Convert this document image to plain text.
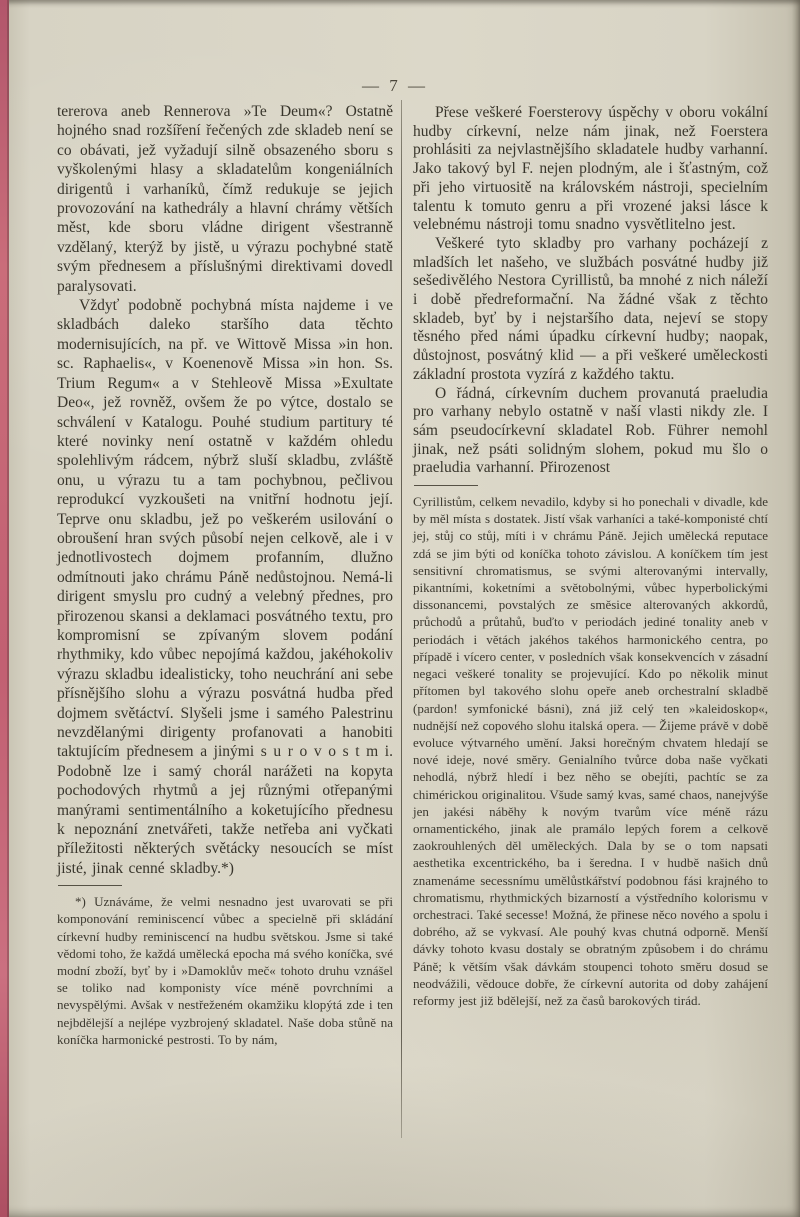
— 7 —

tererova aneb Rennerova »Te Deum«? Ostatně hojného snad rozšíření řečených zde skladeb není se co obávati, jež vyžadují silně obsazeného sboru s vyškolenými hlasy a skladatelům kongeniálních dirigentů i varhaníků, čímž redukuje se jejich provozování na kathedrály a hlavní chrámy větších měst, kde sboru vládne dirigent všestranně vzdělaný, kterýž by jistě, u výrazu pochybné statě svým přednesem a příslušnými direktivami dovedl paralysovati.

Vždyť podobně pochybná místa najdeme i ve skladbách daleko staršího data těchto modernisujících, na př. ve Wittově Missa »in hon. sc. Raphaelis«, v Koenenově Missa »in hon. Ss. Trium Regum« a v Stehleově Missa »Exultate Deo«, jež rovněž, ovšem že po výtce, dostalo se schválení v Katalogu. Pouhé studium partitury té které novinky není ostatně v každém ohledu spolehlivým rádcem, nýbrž sluší skladbu, zvláště onu, u výrazu tu a tam pochybnou, pečlivou reprodukcí vyzkoušeti na vnitřní hodnotu její. Teprve onu skladbu, jež po veškerém usilování o obroušení hran svých působí nejen celkově, ale i v jednotlivostech dojmem profanním, dlužno odmítnouti jako chrámu Páně nedůstojnou. Nemá-li dirigent smyslu pro cudný a velebný přednes, pro přirozenou skansi a deklamaci posvátného textu, pro kompromisní se zpívaným slovem podání rhythmiky, kdo vůbec nepojímá každou, jakéhokoliv výrazu skladbu idealisticky, toho neuchrání ani sebe přísnějšího slohu a výrazu posvátná hudba před dojmem světáctví. Slyšeli jsme i samého Palestrinu nevzdělanými dirigenty profanovati a hanobiti taktujícím přednesem a jinými s u r o v o s t m i. Podobně lze i samý chorál narážeti na kopyta pochodových rhytmů a jej různými otřepanými manýrami sentimentálního a koketujícího přednesu k nepoznání znetvářeti, takže netřeba ani vyčkati příležitosti některých světácky nesoucích se míst jisté, jinak cenné skladby.*)

*) Uznáváme, že velmi nesnadno jest uvarovati se při komponování reminiscencí vůbec a specielně při skládání církevní hudby reminiscencí na hudbu světskou. Jsme si také vědomi toho, že každá umělecká epocha má svého koníčka, své modní zboží, byť by i »Damoklův meč« tohoto druhu vznášel se toliko nad komponisty více méně povrchními a nevyspělými. Avšak v nestřeženém okamžiku klopýtá zde i ten nejbdělejší a nejlépe vyzbrojený skladatel. Naše doba stůně na koníčka harmonické pestrosti. To by nám,

Přese veškeré Foersterovy úspěchy v oboru vokální hudby církevní, nelze nám jinak, než Foerstera prohlásiti za nejvlastnějšího skladatele hudby varhanní. Jako takový byl F. nejen plodným, ale i šťastným, což při jeho virtuositě na královském nástroji, specielním talentu k tomuto genru a při vrozené jaksi lásce k velebnému nástroji tomu snadno vysvětlitelno jest.

Veškeré tyto skladby pro varhany pocházejí z mladších let našeho, ve službách posvátné hudby již sešedivělého Nestora Cyrillistů, ba mnohé z nich náleží i době předreformační. Na žádné však z těchto skladeb, byť by i nejstaršího data, nejeví se stopy těsného před námi úpadku církevní hudby; naopak, důstojnost, posvátný klid — a při veškeré uměleckosti základní prostota vyzírá z každého taktu.

O řádná, církevním duchem provanutá praeludia pro varhany nebylo ostatně v naší vlasti nikdy zle. I sám pseudocírkevní skladatel Rob. Führer nemohl jinak, než psáti solidným slohem, pokud mu šlo o praeludia varhanní. Přirozenost

Cyrillistům, celkem nevadilo, kdyby si ho ponechali v divadle, kde by měl místa s dostatek. Jistí však varhaníci a také-komponisté chtí jej, stůj co stůj, míti i v chrámu Páně. Jejich umělecká reputace zdá se jim býti od koníčka tohoto závislou. A koníčkem tím jest sensitivní chromatismus, se svými alterovanými intervally, pikantními, koketními a světobolnými, vůbec hyperbolickými dissonancemi, povstalých ze směsice alterovaných akkordů, průchodů a průtahů, buďto v periodách jediné tonality aneb v periodách i větách jakéhos takéhos harmonického centra, po případě i vícero center, v posledních však konsekvencích v zásadní negaci veškeré tonality se projevující. Kdo po několik minut přítomen byl takového slohu opeře aneb orchestralní skladbě (pardon! symfonické básni), zná již celý ten »kaleidoskop«, nudnější než copového slohu italská opera. — Žijeme právě v době evoluce výtvarného umění. Jaksi horečným chvatem hledají se nové ideje, nové směry. Genialního tvůrce doba naše vyčkati nehodlá, nýbrž hledí i bez něho se obejíti, pachtíc se za chimérickou originalitou. Všude samý kvas, samé chaos, nanejvýše jen jakési náběhy k novým tvarům více méně rázu ornamentického, jinak ale pramálo lepých forem a celkově zaokrouhlených děl uměleckých. Dala by se o tom napsati aesthetika excentrického, ba i šeredna. I v hudbě našich dnů znamenáme secessnímu umělůstkářství podobnou fási krajného to chromatismu, rhythmických bizarností a výstředního kolorismu v orchestraci. Také secesse! Možná, že přinese něco nového a spolu i dobrého, až se vykvasí. Ale pouhý kvas chutná odporně. Menší dávky tohoto kvasu dostaly se obratným způsobem i do chrámu Páně; k větším však dávkám stoupenci tohoto směru dosud se neodvážili, vědouce dobře, že církevní autorita od doby zahájení reformy jest již bdělejší, než za časů barokových tirád.
